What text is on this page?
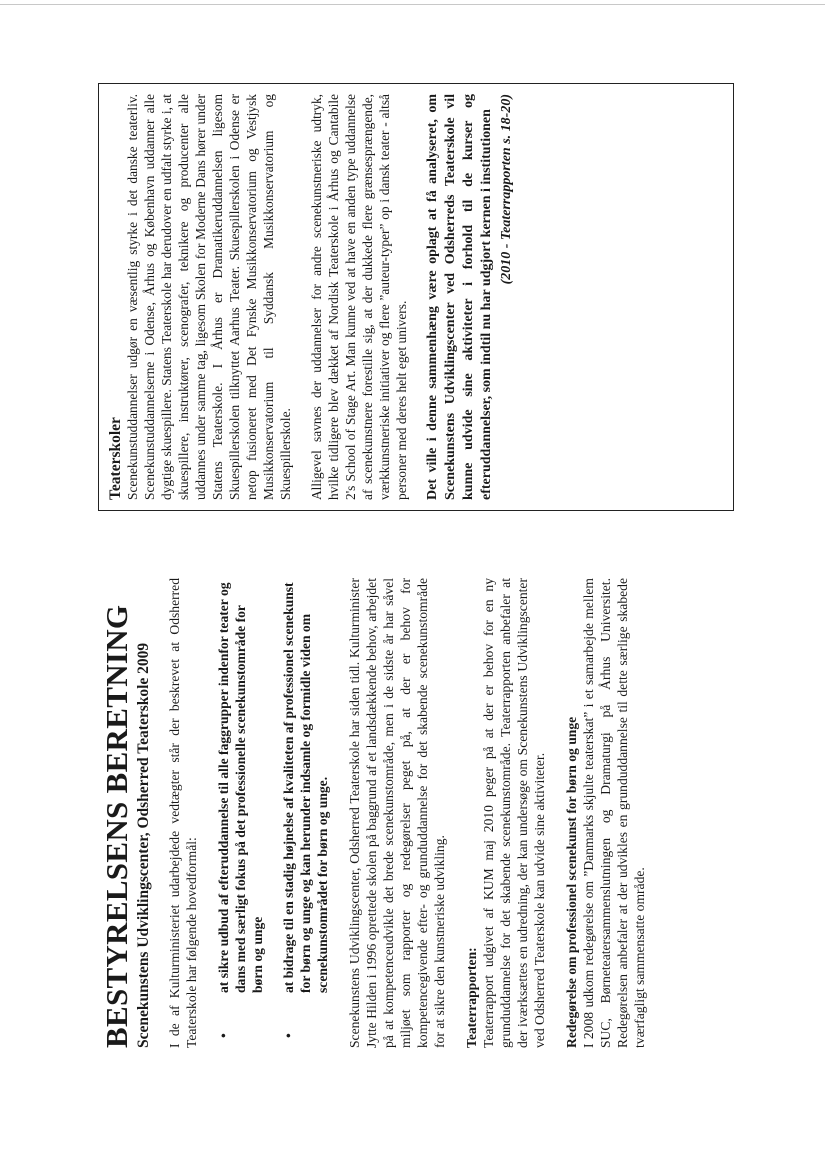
BESTYRELSENS BERETNING Scenekunstens Udviklingscenter, Odsherred Teaterskole 2009 I de af Kulturministeriet udarbejdede vedtægter står der beskrevet at Odsherred Teaterskole har følgende hovedformål: •
at sikre udbud af efteruddannelse til alle faggrupper indenfor teater og dans med særligt fokus på det professionelle scenekunstområde for børn og unge
•
at bidrage til en stadig højnelse af kvaliteten af professionel scenekunst for børn og unge og kan herunder indsamle og formidle viden om scenekunstområdet for børn og unge. Scenekunstens Udviklingscenter, Odsherred Teaterskole har siden tidl. Kulturminister Jytte Hilden i 1996 oprettede skolen på baggrund af et landsdækkende behov, arbejdet på at kompetenceudvikle det brede scenekunstområde, men i de sidste år har såvel miljøet som rapporter og redegørelser peget på, at der er behov for kompetencegivende efter- og grunduddannelse for det skabende scenekunstområde for at sikre den kunstneriske udvikling. Teaterrapporten: Teaterrapport udgivet af KUM maj 2010 peger på at der er behov for en ny grunduddannelse for det skabende scenekunstområde. Teaterrapporten anbefaler at der iværksættes en udredning, der kan undersøge om Scenekunstens Udviklingscenter ved Odsherred Teaterskole kan udvide sine aktiviteter. Redegørelse om professionel scenekunst for børn og unge I 2008 udkom redegørelse om ”Danmarks skjulte teaterskat” i et samarbejde mellem SUC, Børneteatersammenslutningen og Dramaturgi på Århus Universitet. Redegørelsen anbefaler at der udvikles en grunduddannelse til dette særlige skabede tværfagligt sammensatte område.

Teaterskoler Scenekunstuddannelser udgør en væsentlig styrke i det danske teaterliv. Scenekunstuddannelserne i Odense, Århus og København uddanner alle dygtige skuespillere. Statens Teaterskole har derudover en udfalt styrke i, at skuespillere, instruktører, scenografer, teknikere og producenter alle uddannes under samme tag, ligesom Skolen for Moderne Dans hører under Statens Teaterskole. I Århus er Dramatikeruddannelsen ligesom Skuespillerskolen tilknyttet Aarhus Teater. Skuespillerskolen i Odense er netop fusioneret med Det Fynske Musikkonservatorium og Vestjysk Musikkonservatorium til Syddansk Musikkonservatorium og Skuespillerskole. Alligevel savnes der uddannelser for andre scenekunstneriske udtryk, hvilke tidligere blev dækket af Nordisk Teaterskole i Århus og Cantabile 2's School of Stage Art. Man kunne ved at have en anden type uddannelse af scenekunstnere forestille sig, at der dukkede flere grænsesprængende, værkkunstneriske initiativer og flere ”auteur-typer” op i dansk teater - altså personer med deres helt eget univers. Det ville i denne sammenhæng være oplagt at få analyseret, om Scenekunstens Udviklingscenter ved Odsherreds Teaterskole vil kunne udvide sine aktiviteter i forhold til de kurser og efteruddannelser, som indtil nu har udgjort kernen i institutionen (2010 - Teaterrapporten s. 18-20)
